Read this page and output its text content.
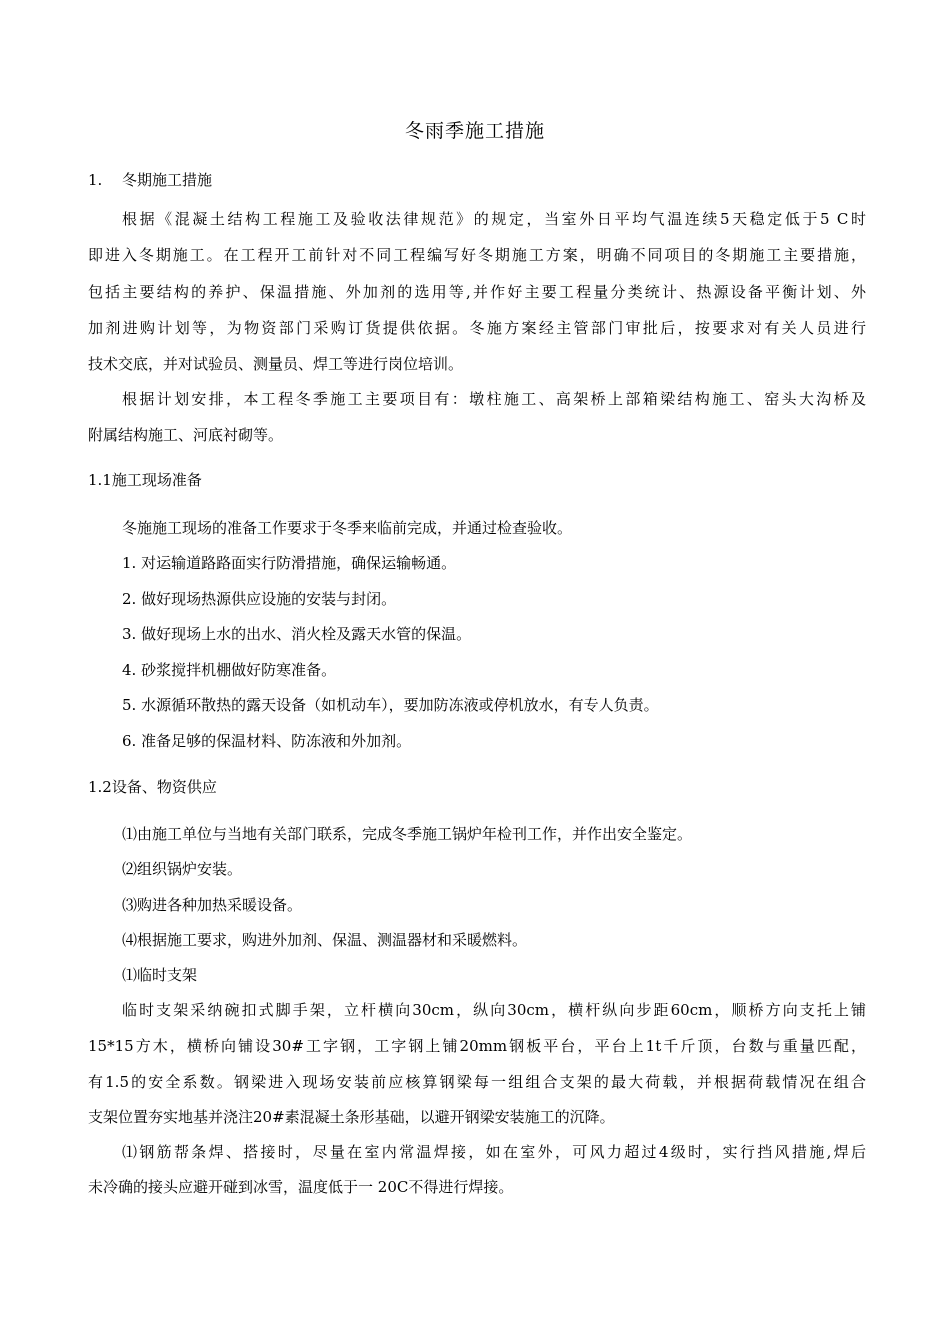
冬雨季施工措施
1. 冬期施工措施
根据《混凝土结构工程施工及验收法律规范》的规定，当室外日平均气温连续5天稳定低于5 C时
即进入冬期施工。在工程开工前针对不同工程编写好冬期施工方案，明确不同项目的冬期施工主要措施，
包括主要结构的养护、保温措施、外加剂的选用等,并作好主要工程量分类统计、热源设备平衡计划、外
加剂进购计划等，为物资部门采购订货提供依据。冬施方案经主管部门审批后，按要求对有关人员进行
技术交底，并对试验员、测量员、焊工等进行岗位培训。
根据计划安排，本工程冬季施工主要项目有：墩柱施工、高架桥上部箱梁结构施工、窑头大沟桥及
附属结构施工、河底衬砌等。
1.1施工现场准备
冬施施工现场的准备工作要求于冬季来临前完成，并通过检查验收。
1. 对运输道路路面实行防滑措施，确保运输畅通。
2. 做好现场热源供应设施的安装与封闭。
3. 做好现场上水的出水、消火栓及露天水管的保温。
4. 砂浆搅拌机棚做好防寒准备。
5. 水源循环散热的露天设备（如机动车），要加防冻液或停机放水，有专人负责。
6. 准备足够的保温材料、防冻液和外加剂。
1.2设备、物资供应
⑴由施工单位与当地有关部门联系，完成冬季施工锅炉年检刊工作，并作出安全鉴定。
⑵组织锅炉安装。
⑶购进各种加热采暖设备。
⑷根据施工要求，购进外加剂、保温、测温器材和采暖燃料。
⑴临时支架
临时支架采纳碗扣式脚手架，立杆横向30cm，纵向30cm，横杆纵向步距60cm，顺桥方向支托上铺
15*15方木，横桥向铺设30#工字钢，工字钢上铺20mm钢板平台，平台上1t千斤顶，台数与重量匹配，
有1.5的安全系数。钢梁进入现场安装前应核算钢梁每一组组合支架的最大荷载，并根据荷载情况在组合
支架位置夯实地基并浇注20#素混凝土条形基础，以避开钢梁安装施工的沉降。
⑴钢筋帮条焊、搭接时，尽量在室内常温焊接，如在室外，可风力超过4级时，实行挡风措施,焊后
未冷确的接头应避开碰到冰雪，温度低于一 20C不得进行焊接。
